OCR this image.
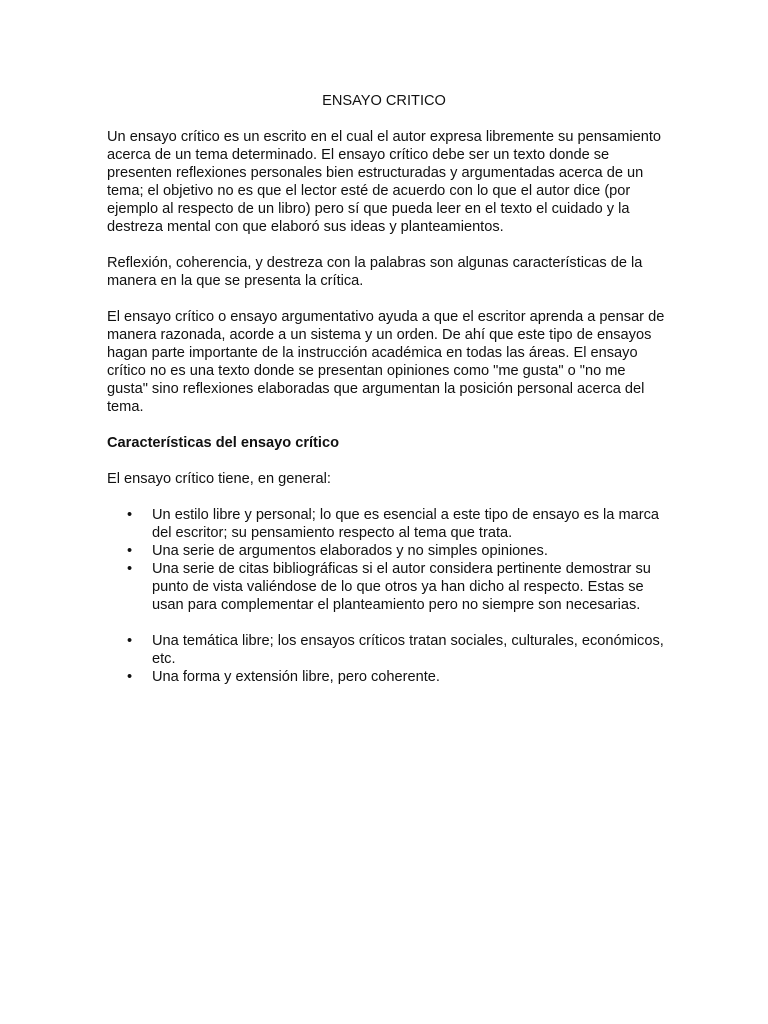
ENSAYO CRITICO

Un ensayo crítico es un escrito en el cual el autor expresa libremente su pensamiento acerca de un tema determinado. El ensayo crítico debe ser un texto donde se presenten reflexiones personales bien estructuradas y argumentadas acerca de un tema; el objetivo no es que el lector esté de acuerdo con lo que el autor dice (por ejemplo al respecto de un libro) pero sí que pueda leer en el texto el cuidado y la destreza mental con que elaboró sus ideas y planteamientos.

Reflexión, coherencia, y destreza con la palabras son algunas características de la manera en la que se presenta la crítica.

El ensayo crítico o ensayo argumentativo ayuda a que el escritor aprenda a pensar de manera razonada, acorde a un sistema y un orden. De ahí que este tipo de ensayos hagan parte importante de la instrucción académica en todas las áreas. El ensayo crítico no es una texto donde se presentan opiniones como "me gusta" o "no me gusta" sino reflexiones elaboradas que argumentan la posición personal acerca del tema.

Características del ensayo crítico

El ensayo crítico tiene, en general:

• Un estilo libre y personal; lo que es esencial a este tipo de ensayo es la marca del escritor; su pensamiento respecto al tema que trata.
• Una serie de argumentos elaborados y no simples opiniones.
• Una serie de citas bibliográficas si el autor considera pertinente demostrar su punto de vista valiéndose de lo que otros ya han dicho al respecto. Estas se usan para complementar el planteamiento pero no siempre son necesarias.
• Una temática libre; los ensayos críticos tratan sociales, culturales, económicos, etc.
• Una forma y extensión libre, pero coherente.
